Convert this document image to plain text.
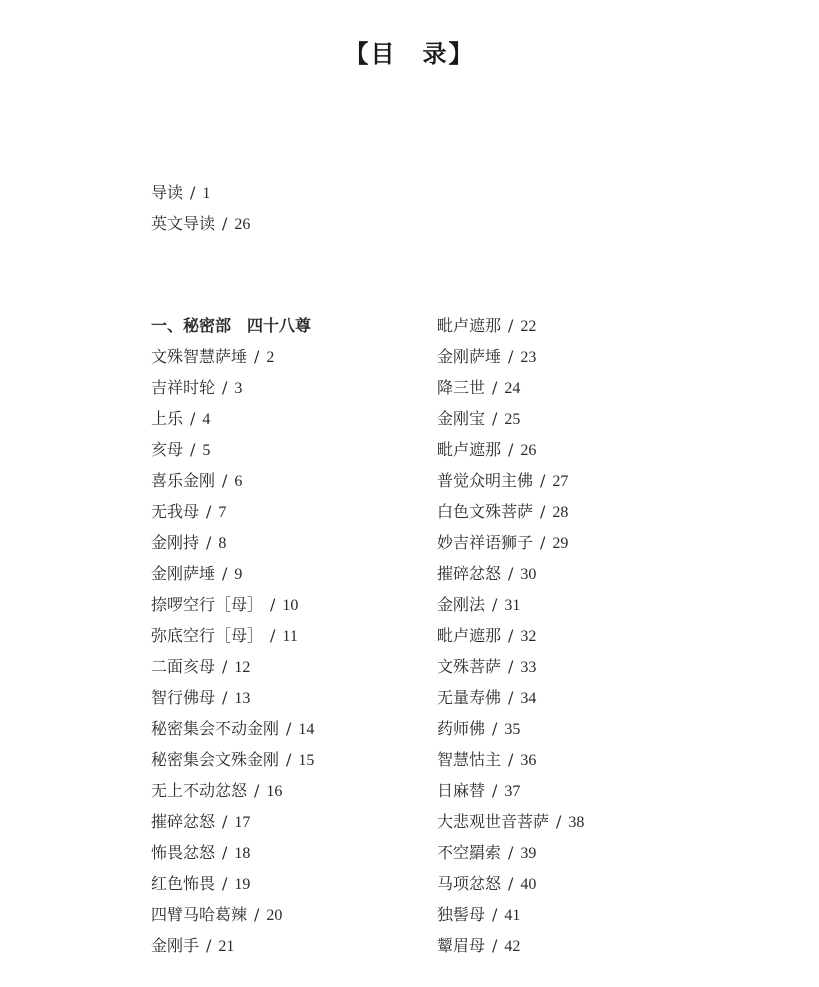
【目 录】
导读 / 1
英文导读 / 26
一、秘密部 四十八尊
文殊智慧萨埵 / 2
吉祥时轮 / 3
上乐 / 4
亥母 / 5
喜乐金刚 / 6
无我母 / 7
金刚持 / 8
金刚萨埵 / 9
捺啰空行［母］ / 10
弥底空行［母］ / 11
二面亥母 / 12
智行佛母 / 13
秘密集会不动金刚 / 14
秘密集会文殊金刚 / 15
无上不动忿怒 / 16
摧碎忿怒 / 17
怖畏忿怒 / 18
红色怖畏 / 19
四臂马哈葛辣 / 20
金刚手 / 21
毗卢遮那 / 22
金刚萨埵 / 23
降三世 / 24
金刚宝 / 25
毗卢遮那 / 26
普觉众明主佛 / 27
白色文殊菩萨 / 28
妙吉祥语狮子 / 29
摧碎忿怒 / 30
金刚法 / 31
毗卢遮那 / 32
文殊菩萨 / 33
无量寿佛 / 34
药师佛 / 35
智慧怙主 / 36
日麻替 / 37
大悲观世音菩萨 / 38
不空羂索 / 39
马项忿怒 / 40
独髻母 / 41
颦眉母 / 42
